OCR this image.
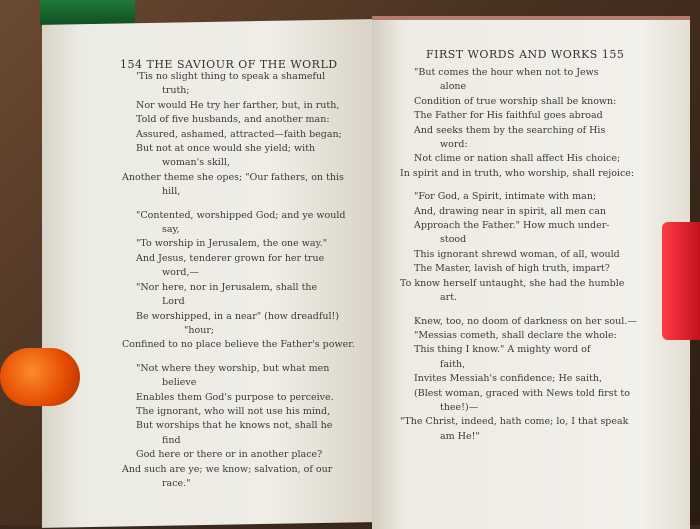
154 THE SAVIOUR OF THE WORLD
FIRST WORDS AND WORKS 155
'Tis no slight thing to speak a shameful
truth;
Nor would He try her farther, but, in ruth,
Told of five husbands, and another man:
Assured, ashamed, attracted—faith began;
But not at once would she yield; with
woman's skill,
Another theme she opes; "Our fathers, on this
hill,
"Contented, worshipped God; and ye would
say,
"To worship in Jerusalem, the one way."
And Jesus, tenderer grown for her true
word,—
"Nor here, nor in Jerusalem, shall the
Lord
Be worshipped, in a near" (how dreadful!)
"hour;
Confined to no place believe the Father's power.
"Not where they worship, but what men
believe
Enables them God's purpose to perceive.
The ignorant, who will not use his mind,
But worships that he knows not, shall he
find
God here or there or in another place?
And such are ye; we know; salvation, of our
race."
"But comes the hour when not to Jews
alone
Condition of true worship shall be known:
The Father for His faithful goes abroad
And seeks them by the searching of His
word:
Not clime or nation shall affect His choice;
In spirit and in truth, who worship, shall rejoice:
"For God, a Spirit, intimate with man;
And, drawing near in spirit, all men can
Approach the Father." How much under-
stood
This ignorant shrewd woman, of all, would
The Master, lavish of high truth, impart?
To know herself untaught, she had the humble
art.
Knew, too, no doom of darkness on her soul.—
"Messias cometh, shall declare the whole:
This thing I know." A mighty word of
faith,
Invites Messiah's confidence; He saith,
(Blest woman, graced with News told first to
thee!)—
"The Christ, indeed, hath come; lo, I that speak
am He!"
